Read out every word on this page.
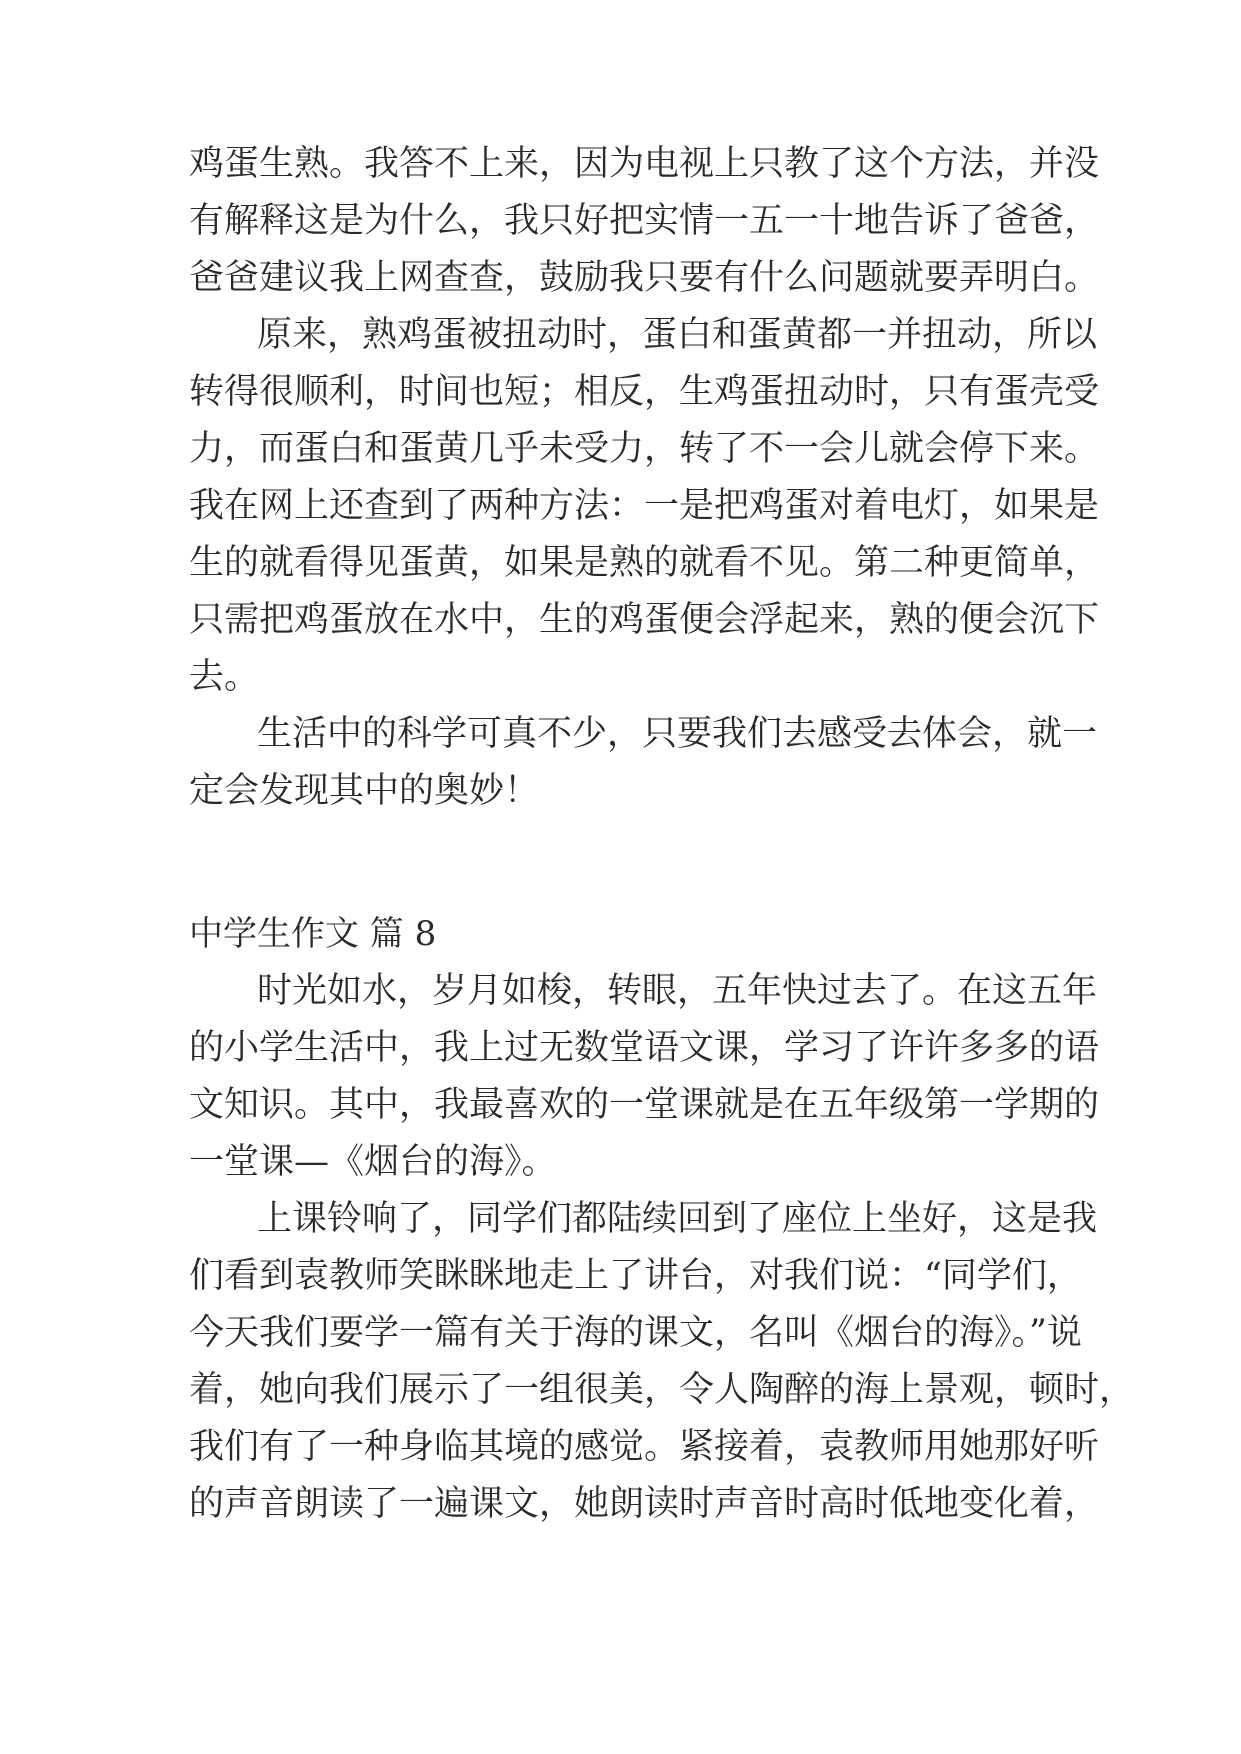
鸡蛋生熟。我答不上来，因为电视上只教了这个方法，并没

有解释这是为什么，我只好把实情一五一十地告诉了爸爸，

爸爸建议我上网查查，鼓励我只要有什么问题就要弄明白。

原来，熟鸡蛋被扭动时，蛋白和蛋黄都一并扭动，所以

转得很顺利，时间也短；相反，生鸡蛋扭动时，只有蛋壳受

力，而蛋白和蛋黄几乎未受力，转了不一会儿就会停下来。

我在网上还查到了两种方法：一是把鸡蛋对着电灯，如果是

生的就看得见蛋黄，如果是熟的就看不见。第二种更简单，

只需把鸡蛋放在水中，生的鸡蛋便会浮起来，熟的便会沉下

去。

生活中的科学可真不少，只要我们去感受去体会，就一

定会发现其中的奥妙！

中学生作文 篇 8

时光如水，岁月如梭，转眼，五年快过去了。在这五年

的小学生活中，我上过无数堂语文课，学习了许许多多的语

文知识。其中，我最喜欢的一堂课就是在五年级第一学期的

一堂课—《烟台的海》。

上课铃响了，同学们都陆续回到了座位上坐好，这是我

们看到袁教师笑眯眯地走上了讲台，对我们说：“同学们，

今天我们要学一篇有关于海的课文，名叫《烟台的海》。”说

着，她向我们展示了一组很美，令人陶醉的海上景观，顿时，

我们有了一种身临其境的感觉。紧接着，袁教师用她那好听

的声音朗读了一遍课文，她朗读时声音时高时低地变化着，
